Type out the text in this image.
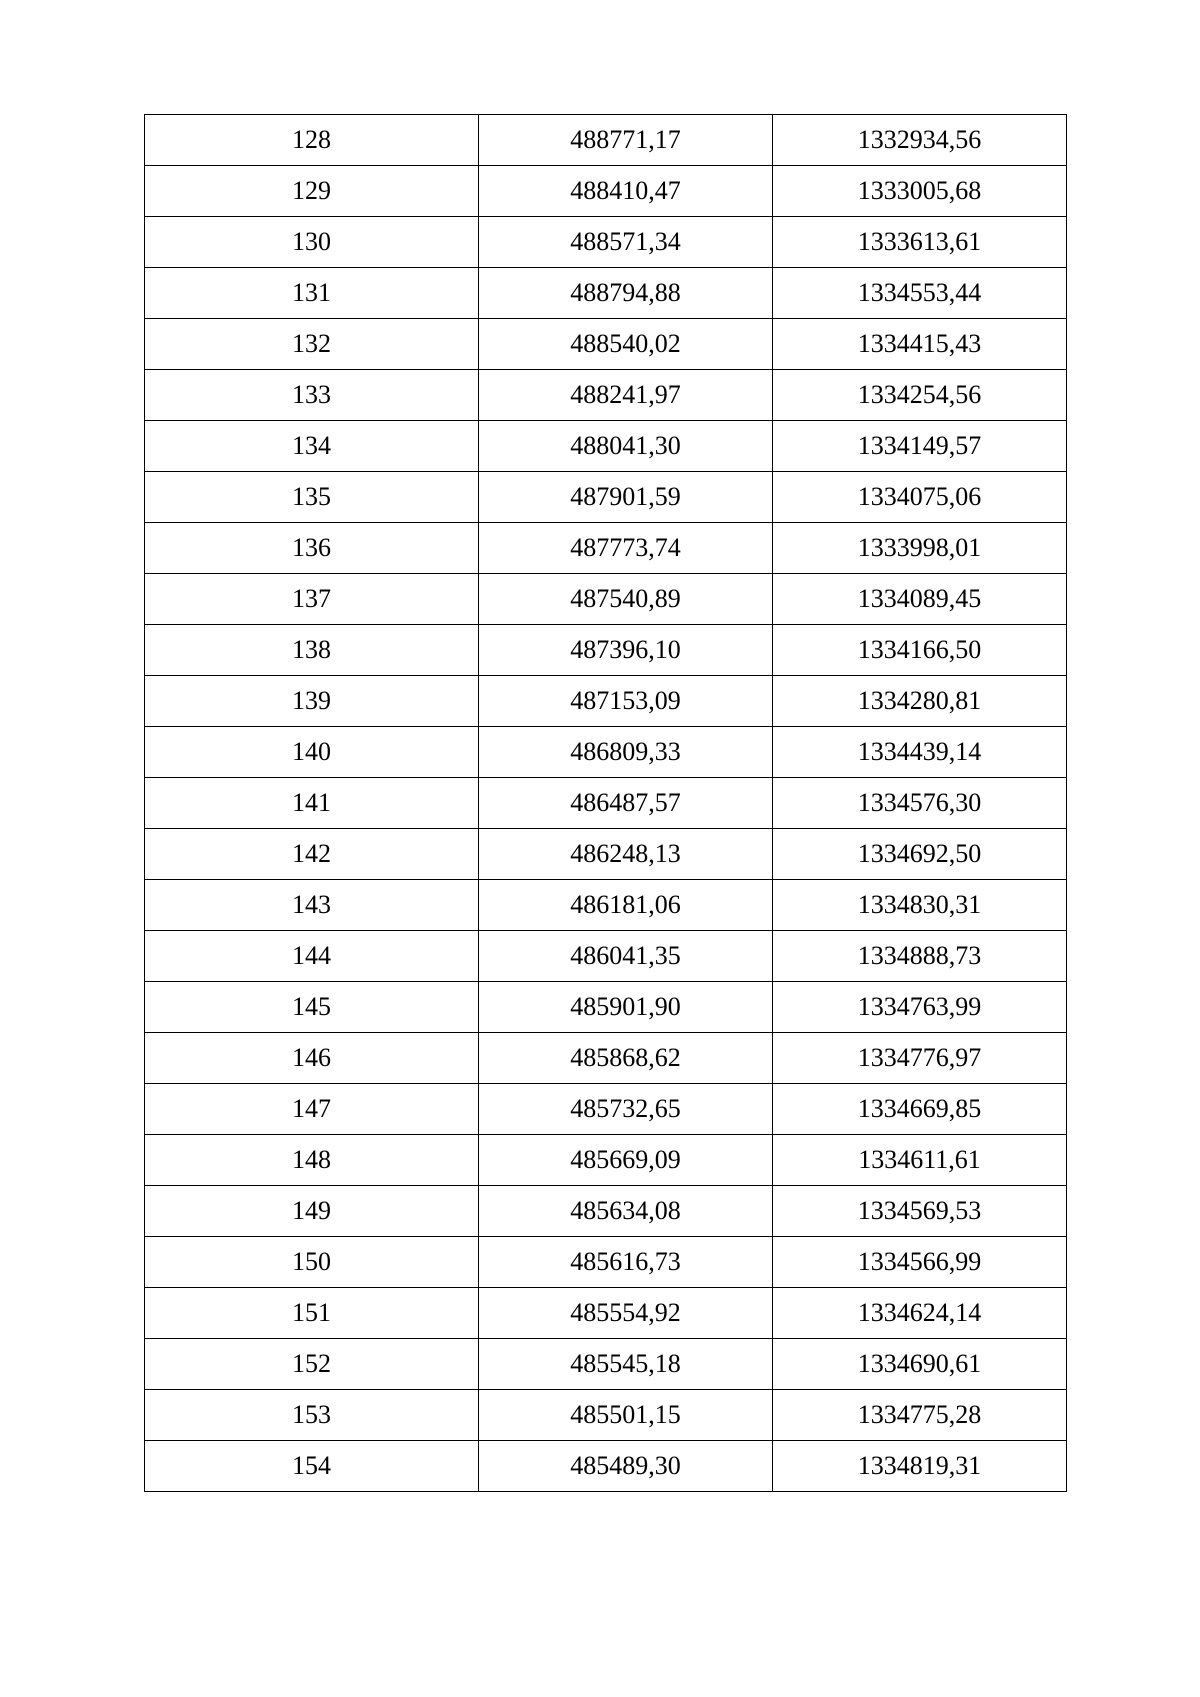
128	488771,17	1332934,56
129	488410,47	1333005,68
130	488571,34	1333613,61
131	488794,88	1334553,44
132	488540,02	1334415,43
133	488241,97	1334254,56
134	488041,30	1334149,57
135	487901,59	1334075,06
136	487773,74	1333998,01
137	487540,89	1334089,45
138	487396,10	1334166,50
139	487153,09	1334280,81
140	486809,33	1334439,14
141	486487,57	1334576,30
142	486248,13	1334692,50
143	486181,06	1334830,31
144	486041,35	1334888,73
145	485901,90	1334763,99
146	485868,62	1334776,97
147	485732,65	1334669,85
148	485669,09	1334611,61
149	485634,08	1334569,53
150	485616,73	1334566,99
151	485554,92	1334624,14
152	485545,18	1334690,61
153	485501,15	1334775,28
154	485489,30	1334819,31
